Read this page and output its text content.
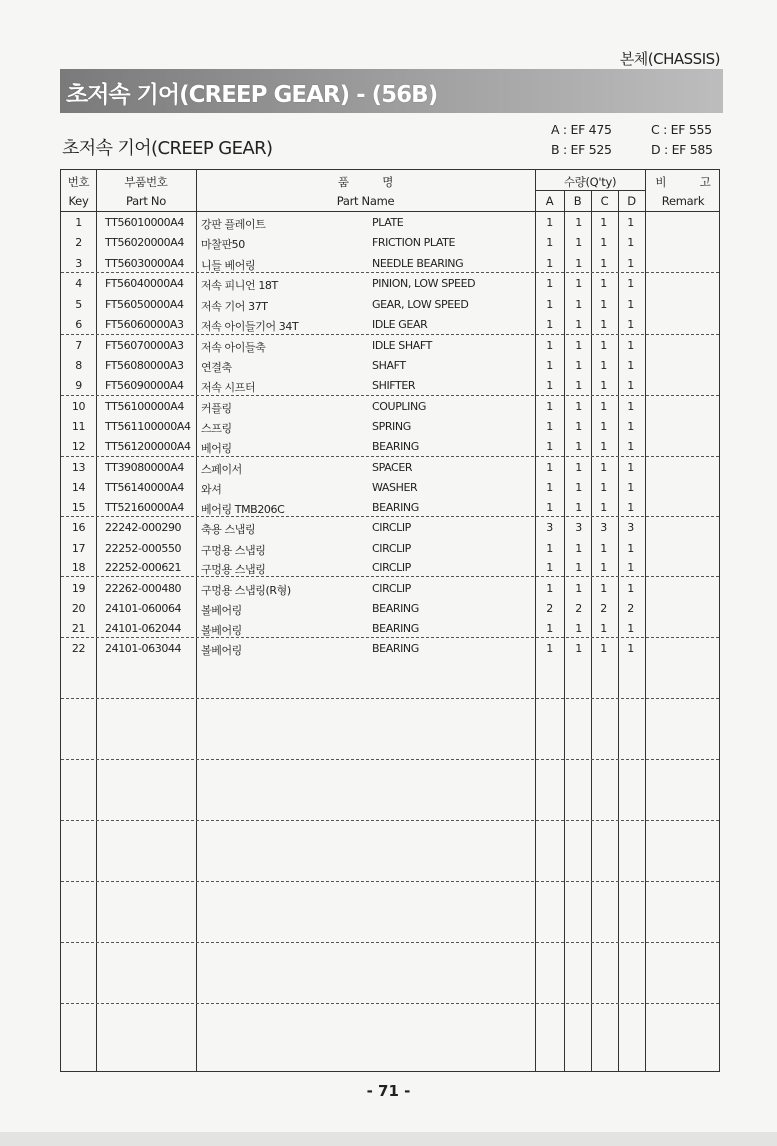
본체(CHASSIS)
초저속 기어(CREEP GEAR) - (56B)
초저속 기어(CREEP GEAR)
A : EF 475
B : EF 525
C : EF 555
D : EF 585
번호
Key
부품번호
Part No
품          명
Part Name
수량(Q'ty)
A	B	C	D
비          고
Remark
1	TT56010000A4 강판 플레이트	PLATE	1	1	1	1
2	TT56020000A4 마찰판50	FRICTION PLATE	1	1	1	1
3	TT56030000A4 니들 베어링	NEEDLE BEARING	1	1	1	1
4	FT56040000A4 저속 피니언 18T	PINION, LOW SPEED	1	1	1	1
5	FT56050000A4 저속 기어 37T	GEAR, LOW SPEED	1	1	1	1
6	FT56060000A3 저속 아이들기어 34T	IDLE GEAR	1	1	1	1
7	FT56070000A3 저속 아이들축	IDLE SHAFT	1	1	1	1
8	FT56080000A3 연결축	SHAFT	1	1	1	1
9	FT56090000A4 저속 시프터	SHIFTER	1	1	1	1
10	TT56100000A4 커플링	COUPLING	1	1	1	1
11	TT561100000A4 스프링	SPRING	1	1	1	1
12	TT561200000A4 베어링	BEARING	1	1	1	1
13	TT39080000A4 스페이서	SPACER	1	1	1	1
14	TT56140000A4 와셔	WASHER	1	1	1	1
15	TT52160000A4 베어링 TMB206C	BEARING	1	1	1	1
16	22242-000290 축용 스냅링	CIRCLIP	3	3	3	3
17	22252-000550 구멍용 스냅링	CIRCLIP	1	1	1	1
18	22252-000621 구멍용 스냅링	CIRCLIP	1	1	1	1
19	22262-000480 구멍용 스냅링(R형)	CIRCLIP	1	1	1	1
20	24101-060064 볼베어링	BEARING	2	2	2	2
21	24101-062044 볼베어링	BEARING	1	1	1	1
22	24101-063044 볼베어링	BEARING	1	1	1	1
- 71 -
